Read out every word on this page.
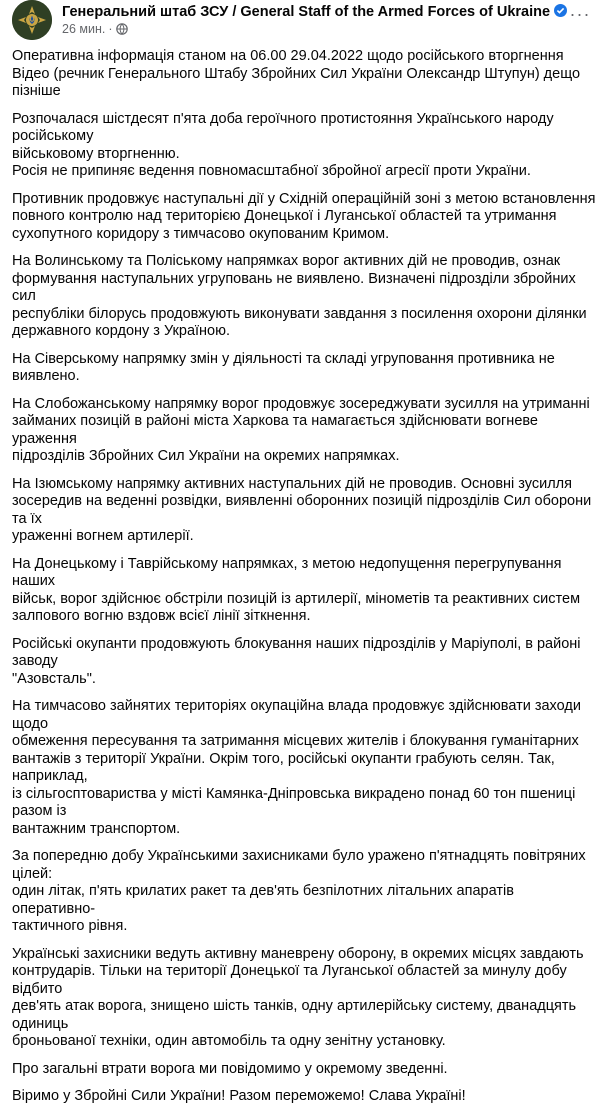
Генеральний штаб ЗСУ / General Staff of the Armed Forces of Ukraine
26 мин. ·
···

Оперативна інформація станом на 06.00 29.04.2022 щодо російського вторгнення
Відео (речник Генерального Штабу Збройних Сил України Олександр Штупун) дещо пізніше

Розпочалася шістдесят п'ята доба героїчного протистояння Українського народу російському
військовому вторгненню.

Росія не припиняє ведення повномасштабної збройної агресії проти України.

Противник продовжує наступальні дії у Східній операційній зоні з метою встановлення
повного контролю над територією Донецької і Луганської областей та утримання
сухопутного коридору з тимчасово окупованим Кримом.

На Волинському та Поліському напрямках ворог активних дій не проводив, ознак
формування наступальних угруповань не виявлено. Визначені підрозділи збройних сил
республіки білорусь продовжують виконувати завдання з посилення охорони ділянки
державного кордону з Україною.

На Сіверському напрямку змін у діяльності та складі угруповання противника не виявлено.

На Слобожанському напрямку ворог продовжує зосереджувати зусилля на утриманні
займаних позицій в районі міста Харкова та намагається здійснювати вогневе ураження
підрозділів Збройних Сил України на окремих напрямках.

На Ізюмському напрямку активних наступальних дій не проводив. Основні зусилля
зосередив на веденні розвідки, виявленні оборонних позицій підрозділів Сил оборони та їх
ураженні вогнем артилерії.

На Донецькому і Таврійському напрямках, з метою недопущення перегрупування наших
військ, ворог здійснює обстріли позицій із артилерії, мінометів та реактивних систем
залпового вогню вздовж всієї лінії зіткнення.

Російські окупанти продовжують блокування наших підрозділів у Маріуполі, в районі заводу
"Азовсталь".

На тимчасово зайнятих територіях окупаційна влада продовжує здійснювати заходи щодо
обмеження пересування та затримання місцевих жителів і блокування гуманітарних
вантажів з території України. Окрім того, російські окупанти грабують селян. Так, наприклад,
із сільгосптовариства у місті Камянка-Дніпровська викрадено понад 60 тон пшениці разом із
вантажним транспортом.

За попередню добу Українськими захисниками було уражено п'ятнадцять повітряних цілей:
один літак, п'ять крилатих ракет та дев'ять безпілотних літальних апаратів оперативно-
тактичного рівня.

Українські захисники ведуть активну маневрену оборону, в окремих місцях завдають
контрударів. Тільки на території Донецької та Луганської областей за минулу добу відбито
дев'ять атак ворога, знищено шість танків, одну артилерійську систему, дванадцять одиниць
броньованої техніки, один автомобіль та одну зенітну установку.

Про загальні втрати ворога ми повідомимо у окремому зведенні.

Віримо у Збройні Сили України! Разом переможемо! Слава Україні!
